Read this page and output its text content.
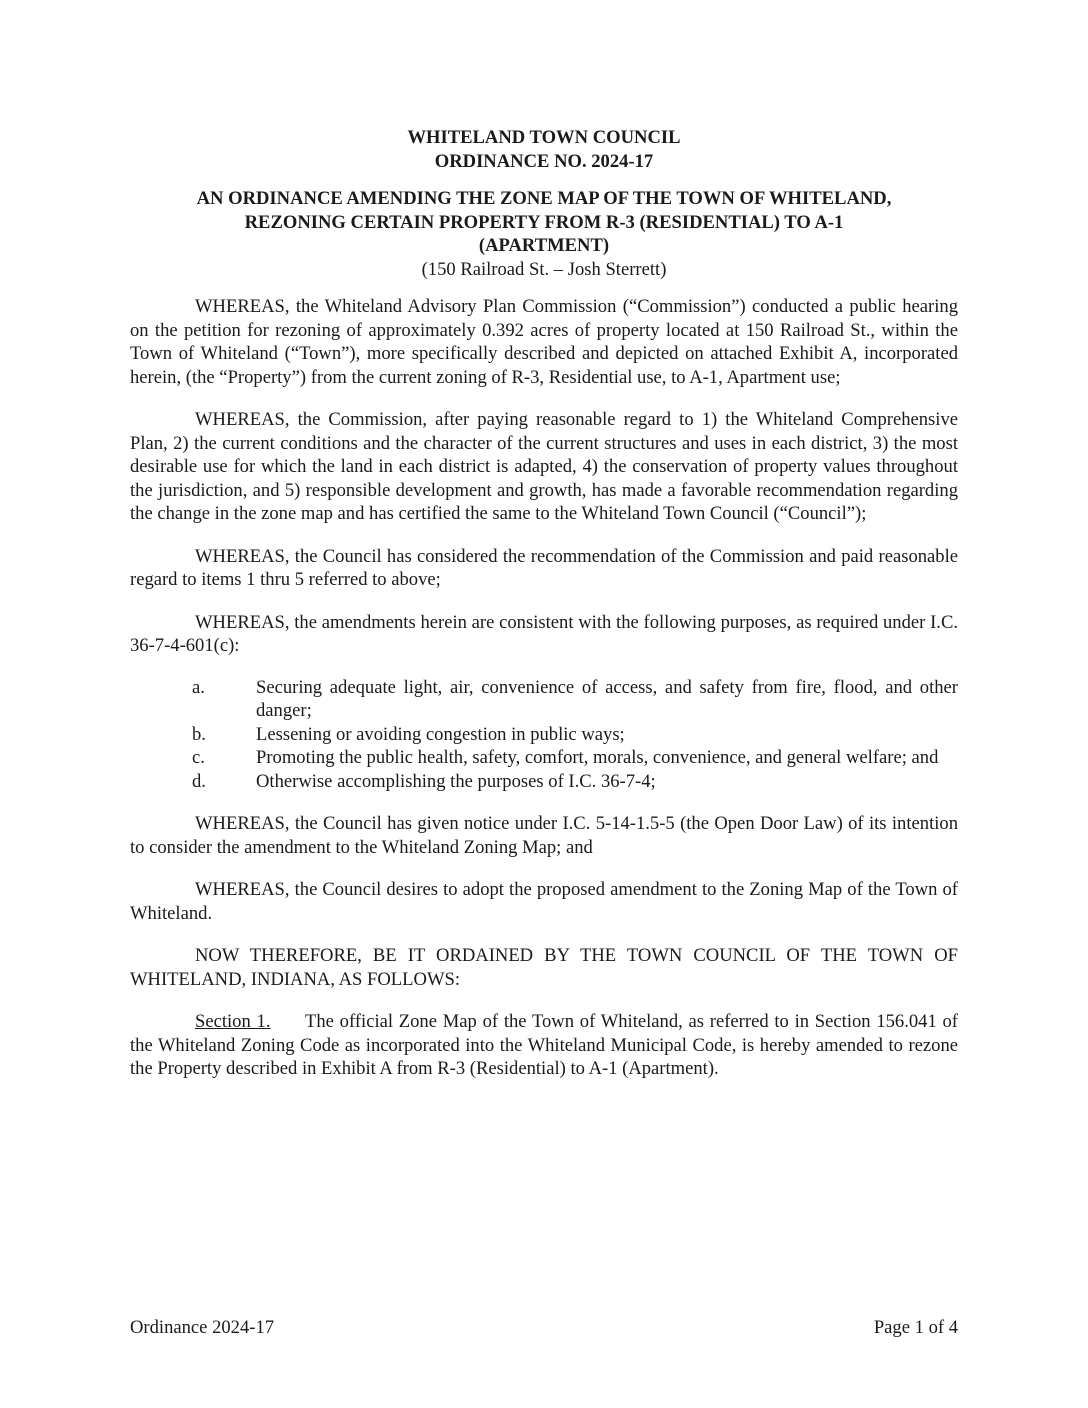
WHITELAND TOWN COUNCIL
ORDINANCE NO. 2024-17
AN ORDINANCE AMENDING THE ZONE MAP OF THE TOWN OF WHITELAND,
REZONING CERTAIN PROPERTY FROM R-3 (RESIDENTIAL) TO A-1
(APARTMENT)
(150 Railroad St. – Josh Sterrett)

WHEREAS, the Whiteland Advisory Plan Commission (“Commission”) conducted a public hearing on the petition for rezoning of approximately 0.392 acres of property located at 150 Railroad St., within the Town of Whiteland (“Town”), more specifically described and depicted on attached Exhibit A, incorporated herein, (the “Property”) from the current zoning of R-3, Residential use, to A-1, Apartment use;

WHEREAS, the Commission, after paying reasonable regard to 1) the Whiteland Comprehensive Plan, 2) the current conditions and the character of the current structures and uses in each district, 3) the most desirable use for which the land in each district is adapted, 4) the conservation of property values throughout the jurisdiction, and 5) responsible development and growth, has made a favorable recommendation regarding the change in the zone map and has certified the same to the Whiteland Town Council (“Council”);

WHEREAS, the Council has considered the recommendation of the Commission and paid reasonable regard to items 1 thru 5 referred to above;

WHEREAS, the amendments herein are consistent with the following purposes, as required under I.C. 36-7-4-601(c):

a.	Securing adequate light, air, convenience of access, and safety from fire, flood, and other danger;
b.	Lessening or avoiding congestion in public ways;
c.	Promoting the public health, safety, comfort, morals, convenience, and general welfare; and
d.	Otherwise accomplishing the purposes of I.C. 36-7-4;

WHEREAS, the Council has given notice under I.C. 5-14-1.5-5 (the Open Door Law) of its intention to consider the amendment to the Whiteland Zoning Map; and

WHEREAS, the Council desires to adopt the proposed amendment to the Zoning Map of the Town of Whiteland.

NOW THEREFORE, BE IT ORDAINED BY THE TOWN COUNCIL OF THE TOWN OF WHITELAND, INDIANA, AS FOLLOWS:

Section 1. The official Zone Map of the Town of Whiteland, as referred to in Section 156.041 of the Whiteland Zoning Code as incorporated into the Whiteland Municipal Code, is hereby amended to rezone the Property described in Exhibit A from R-3 (Residential) to A-1 (Apartment).

Ordinance 2024-17	Page 1 of 4
